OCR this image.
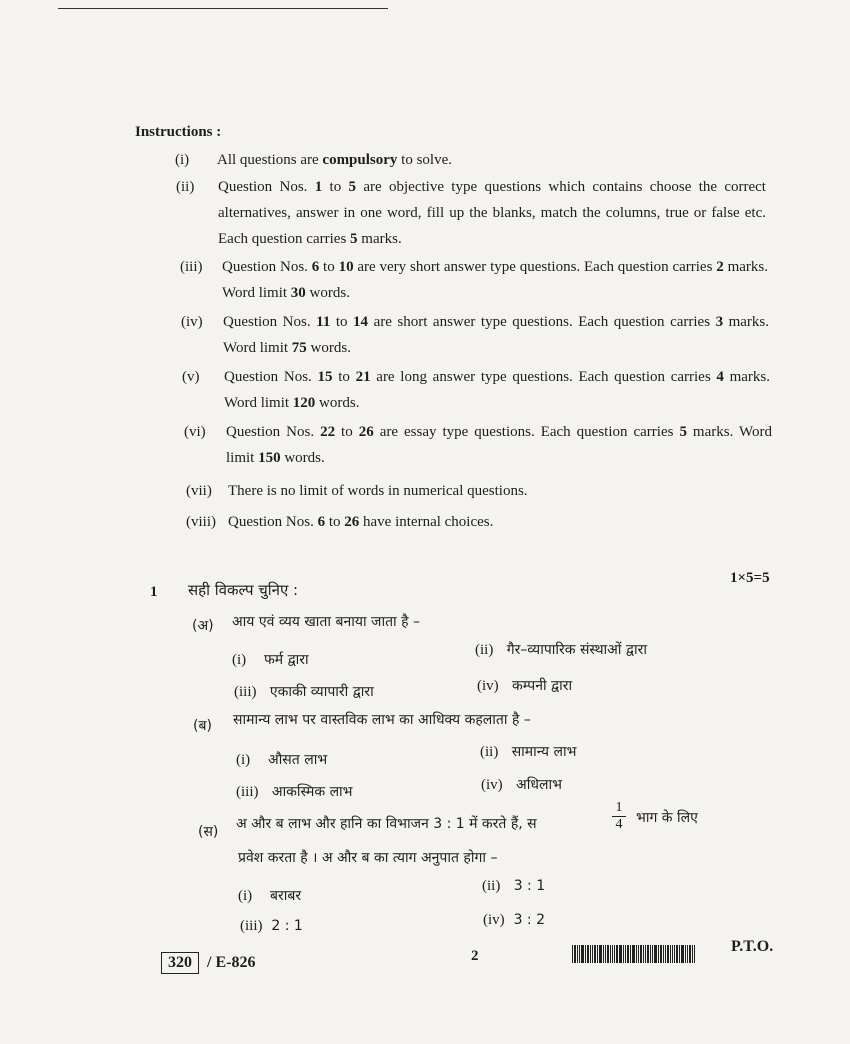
Instructions :
(i)	All questions are compulsory to solve.
(ii)	Question Nos. 1 to 5 are objective type questions which contains choose the correct alternatives, answer in one word, fill up the blanks, match the columns, true or false etc. Each question carries 5 marks.
(iii)	Question Nos. 6 to 10 are very short answer type questions. Each question carries 2 marks. Word limit 30 words.
(iv)	Question Nos. 11 to 14 are short answer type questions. Each question carries 3 marks. Word limit 75 words.
(v)	Question Nos. 15 to 21 are long answer type questions. Each question carries 4 marks. Word limit 120 words.
(vi)	Question Nos. 22 to 26 are essay type questions. Each question carries 5 marks. Word limit 150 words.
(vii)	There is no limit of words in numerical questions.
(viii) Question Nos. 6 to 26 have internal choices.
1 सही विकल्प चुनिए :
1×5=5
(अ) आय एवं व्यय खाता बनाया जाता है –
(i) फर्म द्वारा
(ii) गैर–व्यापारिक संस्थाओं द्वारा
(iii) एकाकी व्यापारी द्वारा	(iv) कम्पनी द्वारा
(ब) सामान्य लाभ पर वास्तविक लाभ का आधिक्य कहलाता है –
(i) औसत लाभ	(ii) सामान्य लाभ
(iii) आकस्मिक लाभ	(iv) अधिलाभ
(स) अ और ब लाभ और हानि का विभाजन 3 : 1 में करते हैं, स	$\frac{1}{4}$ भाग के लिए
प्रवेश करता है । अ और ब का त्याग अनुपात होगा –
(i) बराबर
(ii) 3 : 1
(iii) 2 : 1	(iv) 3 : 2
320 / E-826	2
P.T.O.
